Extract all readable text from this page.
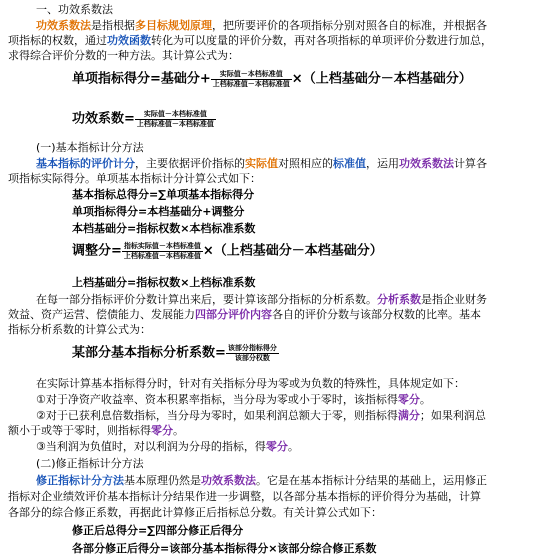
一、功效系数法
功效系数法是指根据多目标规划原理，把所要评价的各项指标分别对照各自的标准，并根据各
项指标的权数，通过功效函数转化为可以度量的评价分数，再对各项指标的单项评价分数进行加总，
求得综合评价分数的一种方法。其计算公式为：
单项指标得分=基础分+ $\frac{\text{实际值－本档标准值}}{\text{上档标准值－本档标准值}}$ ×（上档基础分－本档基础分）
功效系数= $\frac{\text{实际值－本档标准值}}{\text{上档标准值－本档标准值}}$
(一)基本指标计分方法
基本指标的评价计分，主要依据评价指标的实际值对照相应的标准值，运用功效系数法计算各
项指标实际得分。单项基本指标计分计算公式如下：
基本指标总得分=∑单项基本指标得分
单项指标得分=本档基础分+调整分
本档基础分=指标权数×本档标准系数
调整分= $\frac{\text{指标实际值－本档标准值}}{\text{上档标准值－本档标准值}}$ ×（上档基础分－本档基础分）
上档基础分=指标权数×上档标准系数
在每一部分指标评价分数计算出来后，要计算该部分指标的分析系数。分析系数是指企业财务
效益、资产运营、偿债能力、发展能力四部分评价内容各自的评价分数与该部分权数的比率。基本
指标分析系数的计算公式为：
某部分基本指标分析系数= $\frac{\text{该部分指标得分}}{\text{该部分权数}}$
在实际计算基本指标得分时，针对有关指标分母为零或为负数的特殊性，具体规定如下：
①对于净资产收益率、资本积累率指标，当分母为零或小于零时，该指标得零分。
②对于已获利息倍数指标，当分母为零时，如果利润总额大于零，则指标得满分；如果利润总
额小于或等于零时，则指标得零分。
③当利润为负值时，对以利润为分母的指标，得零分。
(二)修正指标计分方法
修正指标计分方法基本原理仍然是功效系数法。它是在基本指标计分结果的基础上，运用修正
指标对企业绩效评价基本指标计分结果作进一步调整，以各部分基本指标的评价得分为基础，计算
各部分的综合修正系数，再据此计算修正后指标总分数。有关计算公式如下：
修正后总得分=∑四部分修正后得分
各部分修正后得分=该部分基本指标得分×该部分综合修正系数
